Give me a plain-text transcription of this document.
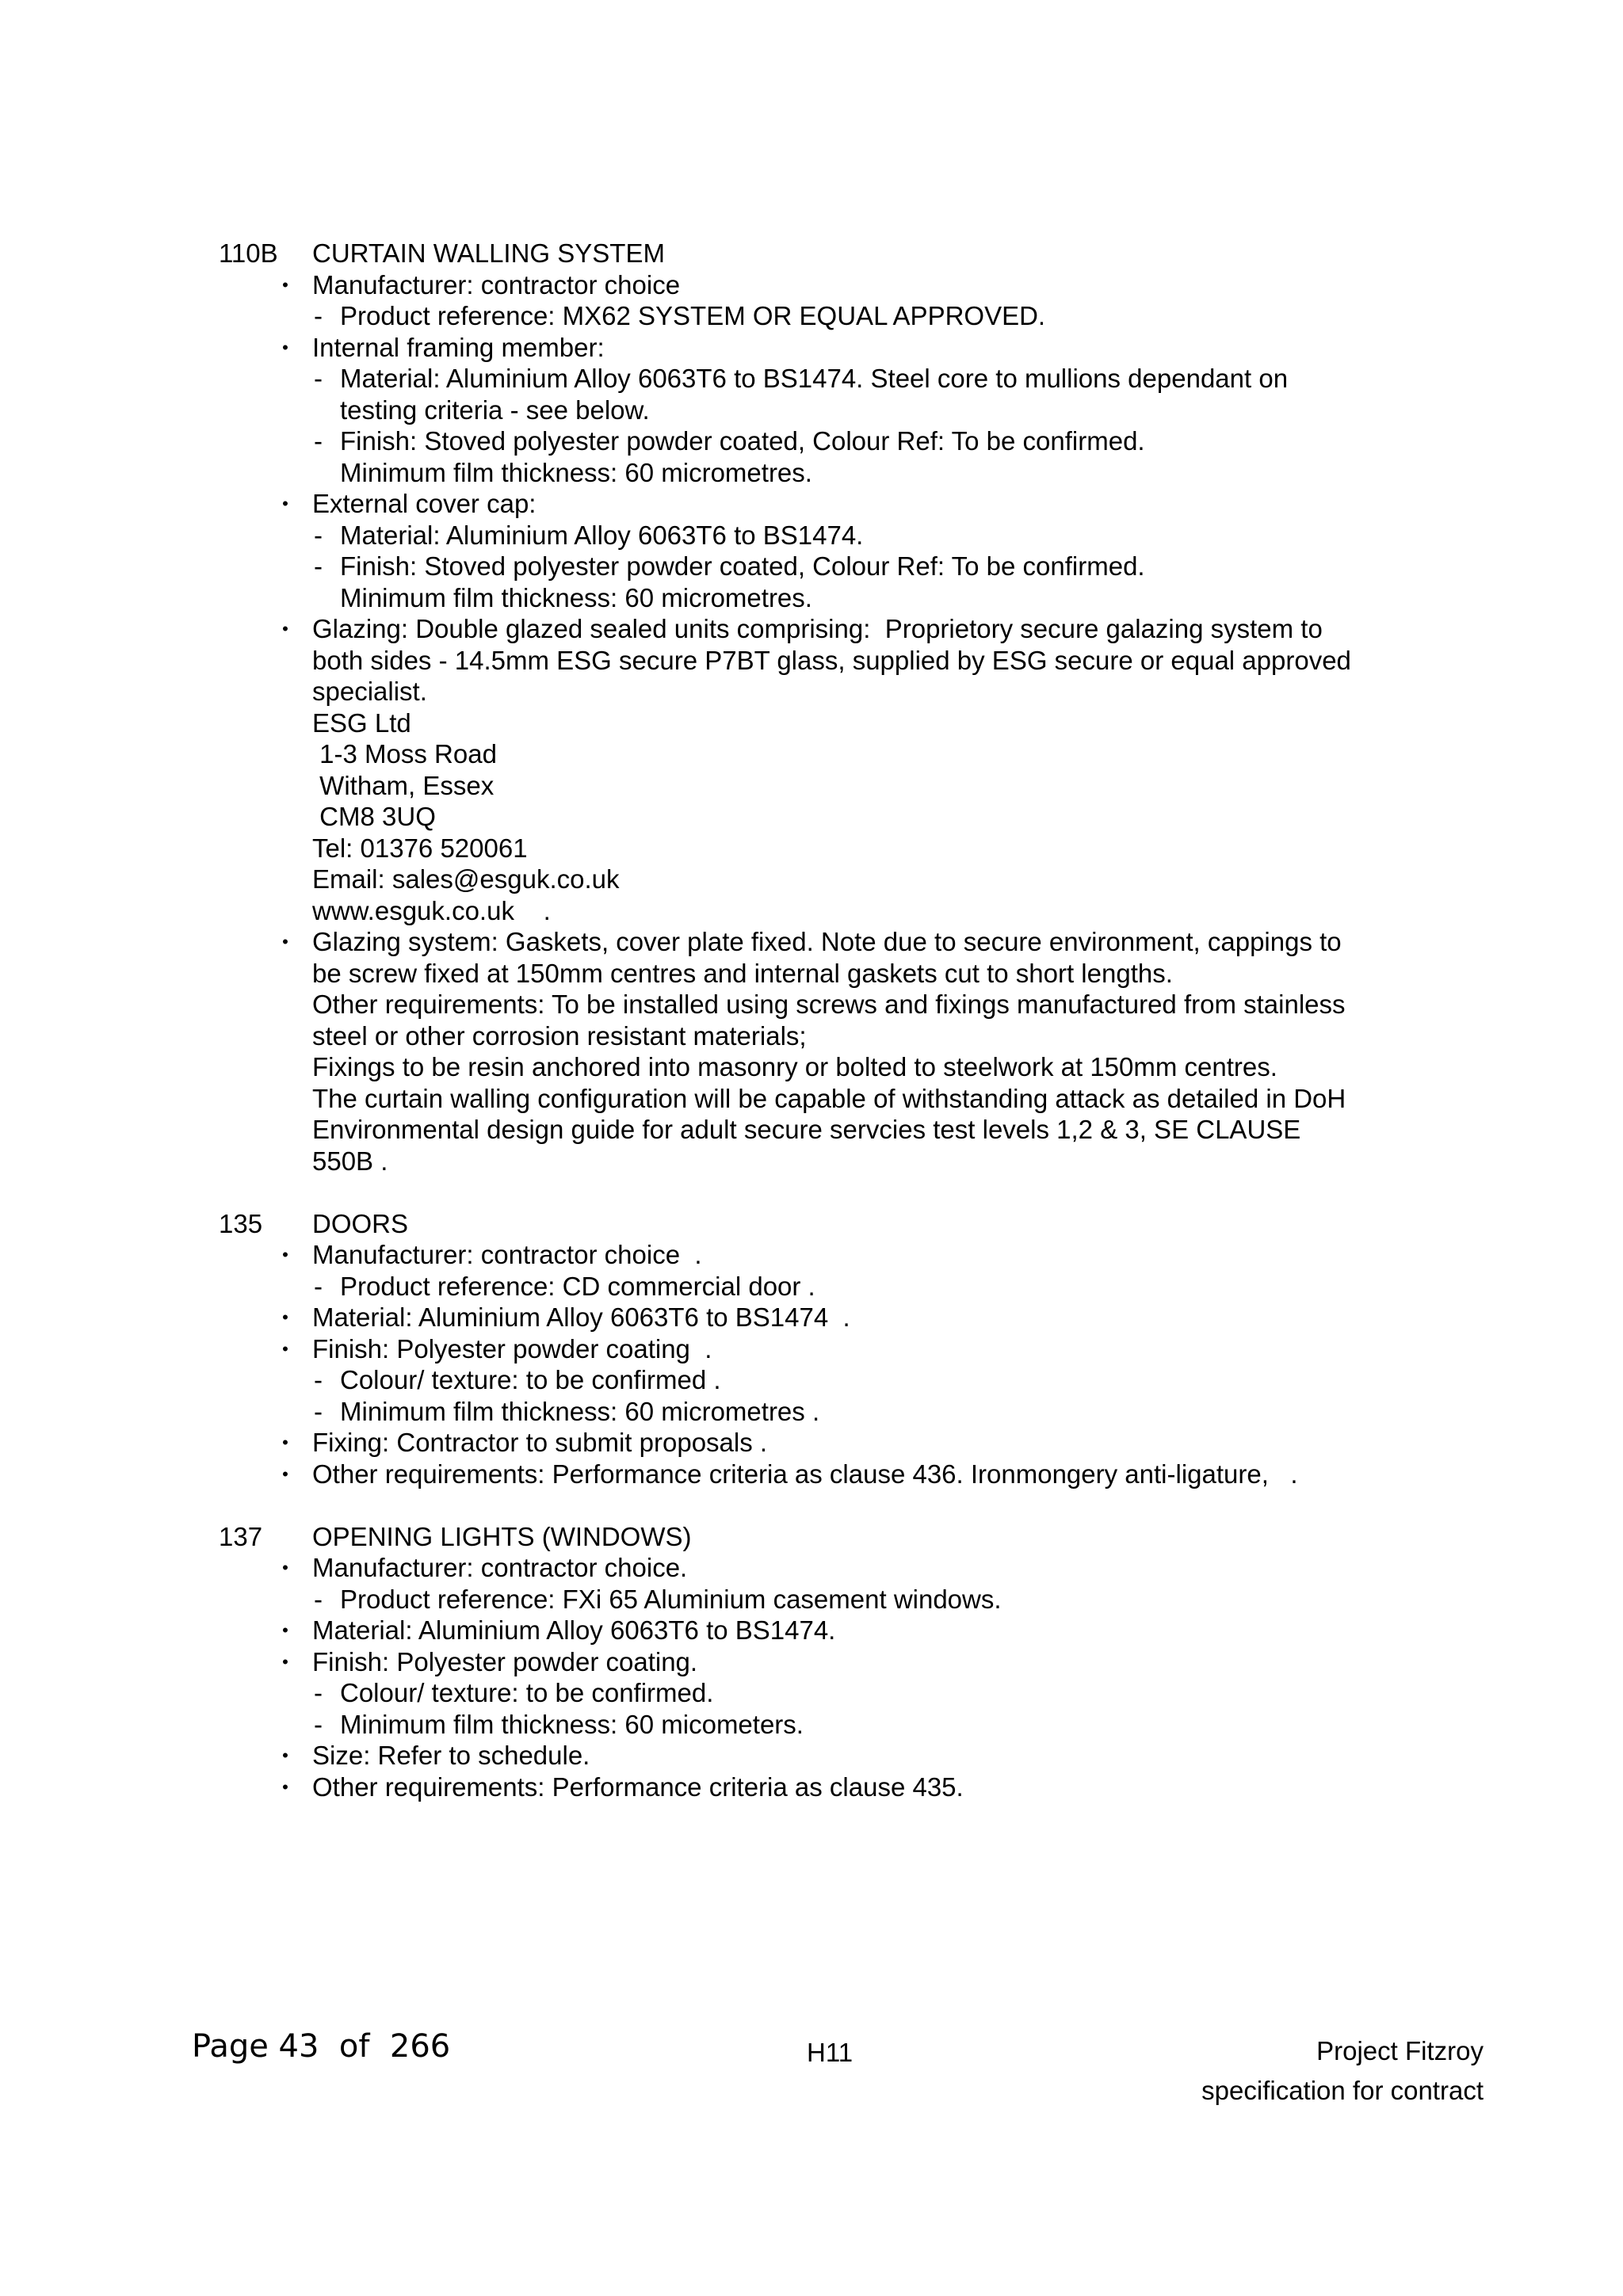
110B CURTAIN WALLING SYSTEM
• Manufacturer: contractor choice
- Product reference: MX62 SYSTEM OR EQUAL APPROVED.
• Internal framing member:
- Material: Aluminium Alloy 6063T6 to BS1474. Steel core to mullions dependant on
testing criteria - see below.
- Finish: Stoved polyester powder coated, Colour Ref: To be confirmed.
Minimum film thickness: 60 micrometres.
• External cover cap:
- Material: Aluminium Alloy 6063T6 to BS1474.
- Finish: Stoved polyester powder coated, Colour Ref: To be confirmed.
Minimum film thickness: 60 micrometres.
• Glazing: Double glazed sealed units comprising:  Proprietory secure galazing system to
both sides - 14.5mm ESG secure P7BT glass, supplied by ESG secure or equal approved
specialist.
ESG Ltd
1-3 Moss Road
Witham, Essex
CM8 3UQ
Tel: 01376 520061
Email: sales@esguk.co.uk
www.esguk.co.uk    .
• Glazing system: Gaskets, cover plate fixed. Note due to secure environment, cappings to
be screw fixed at 150mm centres and internal gaskets cut to short lengths.
Other requirements: To be installed using screws and fixings manufactured from stainless
steel or other corrosion resistant materials;
Fixings to be resin anchored into masonry or bolted to steelwork at 150mm centres.
The curtain walling configuration will be capable of withstanding attack as detailed in DoH
Environmental design guide for adult secure servcies test levels 1,2 & 3, SE CLAUSE
550B .
135 DOORS
• Manufacturer: contractor choice  .
- Product reference: CD commercial door .
• Material: Aluminium Alloy 6063T6 to BS1474  .
• Finish: Polyester powder coating  .
- Colour/ texture: to be confirmed .
- Minimum film thickness: 60 micrometres .
• Fixing: Contractor to submit proposals .
• Other requirements: Performance criteria as clause 436. Ironmongery anti-ligature,   .
137 OPENING LIGHTS (WINDOWS)
• Manufacturer: contractor choice.
- Product reference: FXi 65 Aluminium casement windows.
• Material: Aluminium Alloy 6063T6 to BS1474.
• Finish: Polyester powder coating.
- Colour/ texture: to be confirmed.
- Minimum film thickness: 60 micometers.
• Size: Refer to schedule.
• Other requirements: Performance criteria as clause 435.
Page 43  of  266	H11	Project Fitzroy
specification for contract
